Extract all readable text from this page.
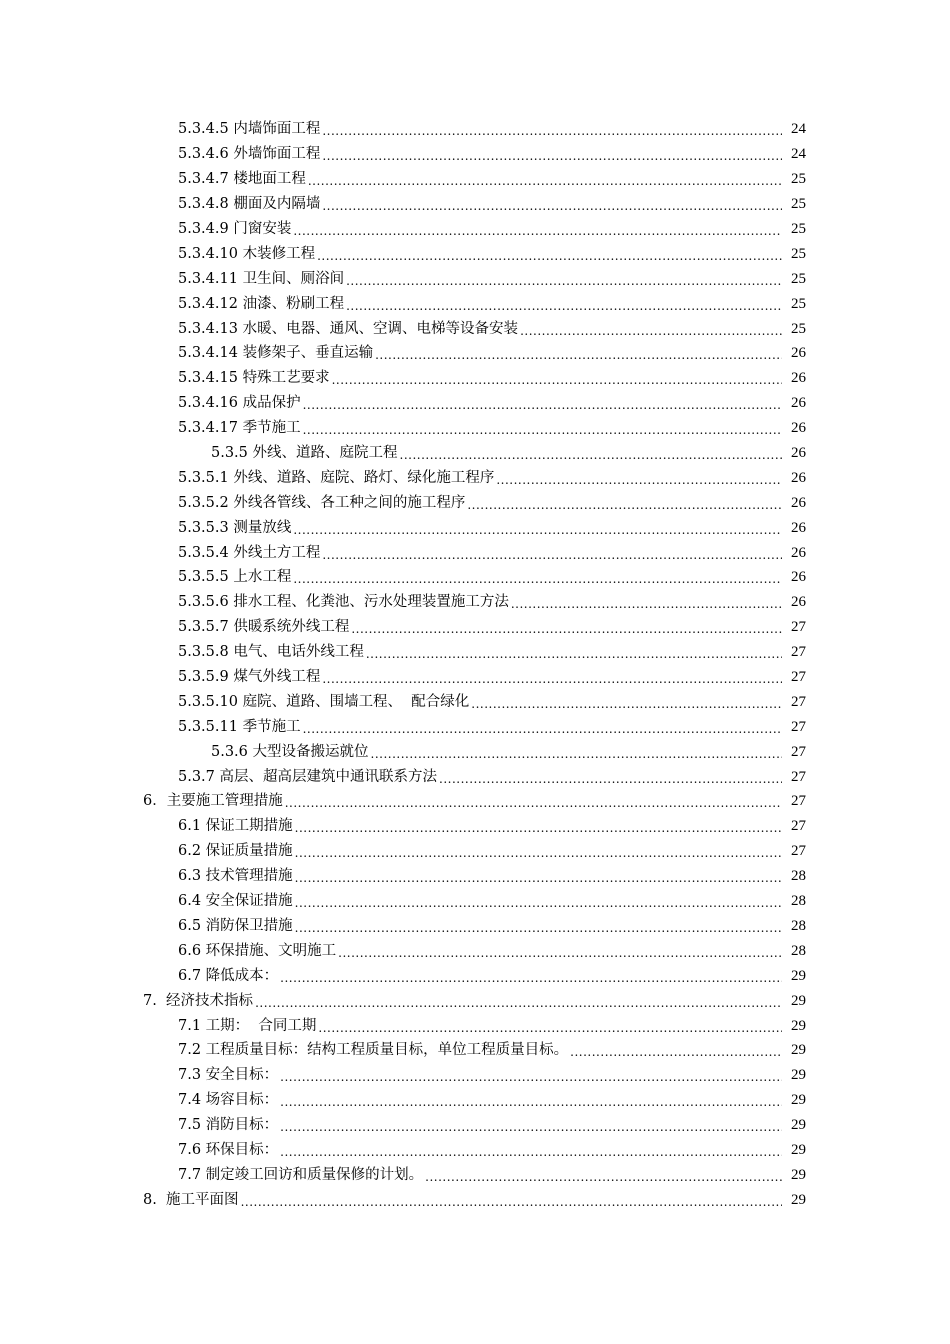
5.3.4.5 内墙饰面工程 .....	24
5.3.4.6 外墙饰面工程 .....	24
5.3.4.7 楼地面工程 .....	25
5.3.4.8 棚面及内隔墙 .....	25
5.3.4.9 门窗安装 .....	25
5.3.4.10 木装修工程 .....	25
5.3.4.11 卫生间、厕浴间 .....	25
5.3.4.12 油漆、粉刷工程 .....	25
5.3.4.13 水暖、电器、通风、空调、电梯等设备安装 .....	25
5.3.4.14 装修架子、垂直运输 .....	26
5.3.4.15 特殊工艺要求 .....	26
5.3.4.16 成品保护 .....	26
5.3.4.17 季节施工 .....	26
5.3.5 外线、道路、庭院工程 .....	26
5.3.5.1 外线、道路、庭院、路灯、绿化施工程序 .....	26
5.3.5.2 外线各管线、各工种之间的施工程序 .....	26
5.3.5.3 测量放线 .....	26
5.3.5.4 外线土方工程 .....	26
5.3.5.5 上水工程 .....	26
5.3.5.6 排水工程、化粪池、污水处理装置施工方法 .....	26
5.3.5.7 供暖系统外线工程 .....	27
5.3.5.8 电气、电话外线工程 .....	27
5.3.5.9 煤气外线工程 .....	27
5.3.5.10 庭院、道路、围墙工程、  配合绿化 .....	27
5.3.5.11 季节施工 .....	27
5.3.6 大型设备搬运就位 .....	27
5.3.7 高层、超高层建筑中通讯联系方法 .....	27
6．主要施工管理措施 .....	27
6.1 保证工期措施 .....	27
6.2 保证质量措施 .....	27
6.3 技术管理措施 .....	28
6.4 安全保证措施 .....	28
6.5 消防保卫措施 .....	28
6.6 环保措施、文明施工 .....	28
6.7 降低成本： .....	29
7.  经济技术指标 .....	29
7.1 工期：  合同工期 .....	29
7.2 工程质量目标：结构工程质量目标，单位工程质量目标。 .....	29
7.3 安全目标： .....	29
7.4 场容目标： .....	29
7.5 消防目标： .....	29
7.6 环保目标： .....	29
7.7 制定竣工回访和质量保修的计划。 .....	29
8.  施工平面图 .....	29
